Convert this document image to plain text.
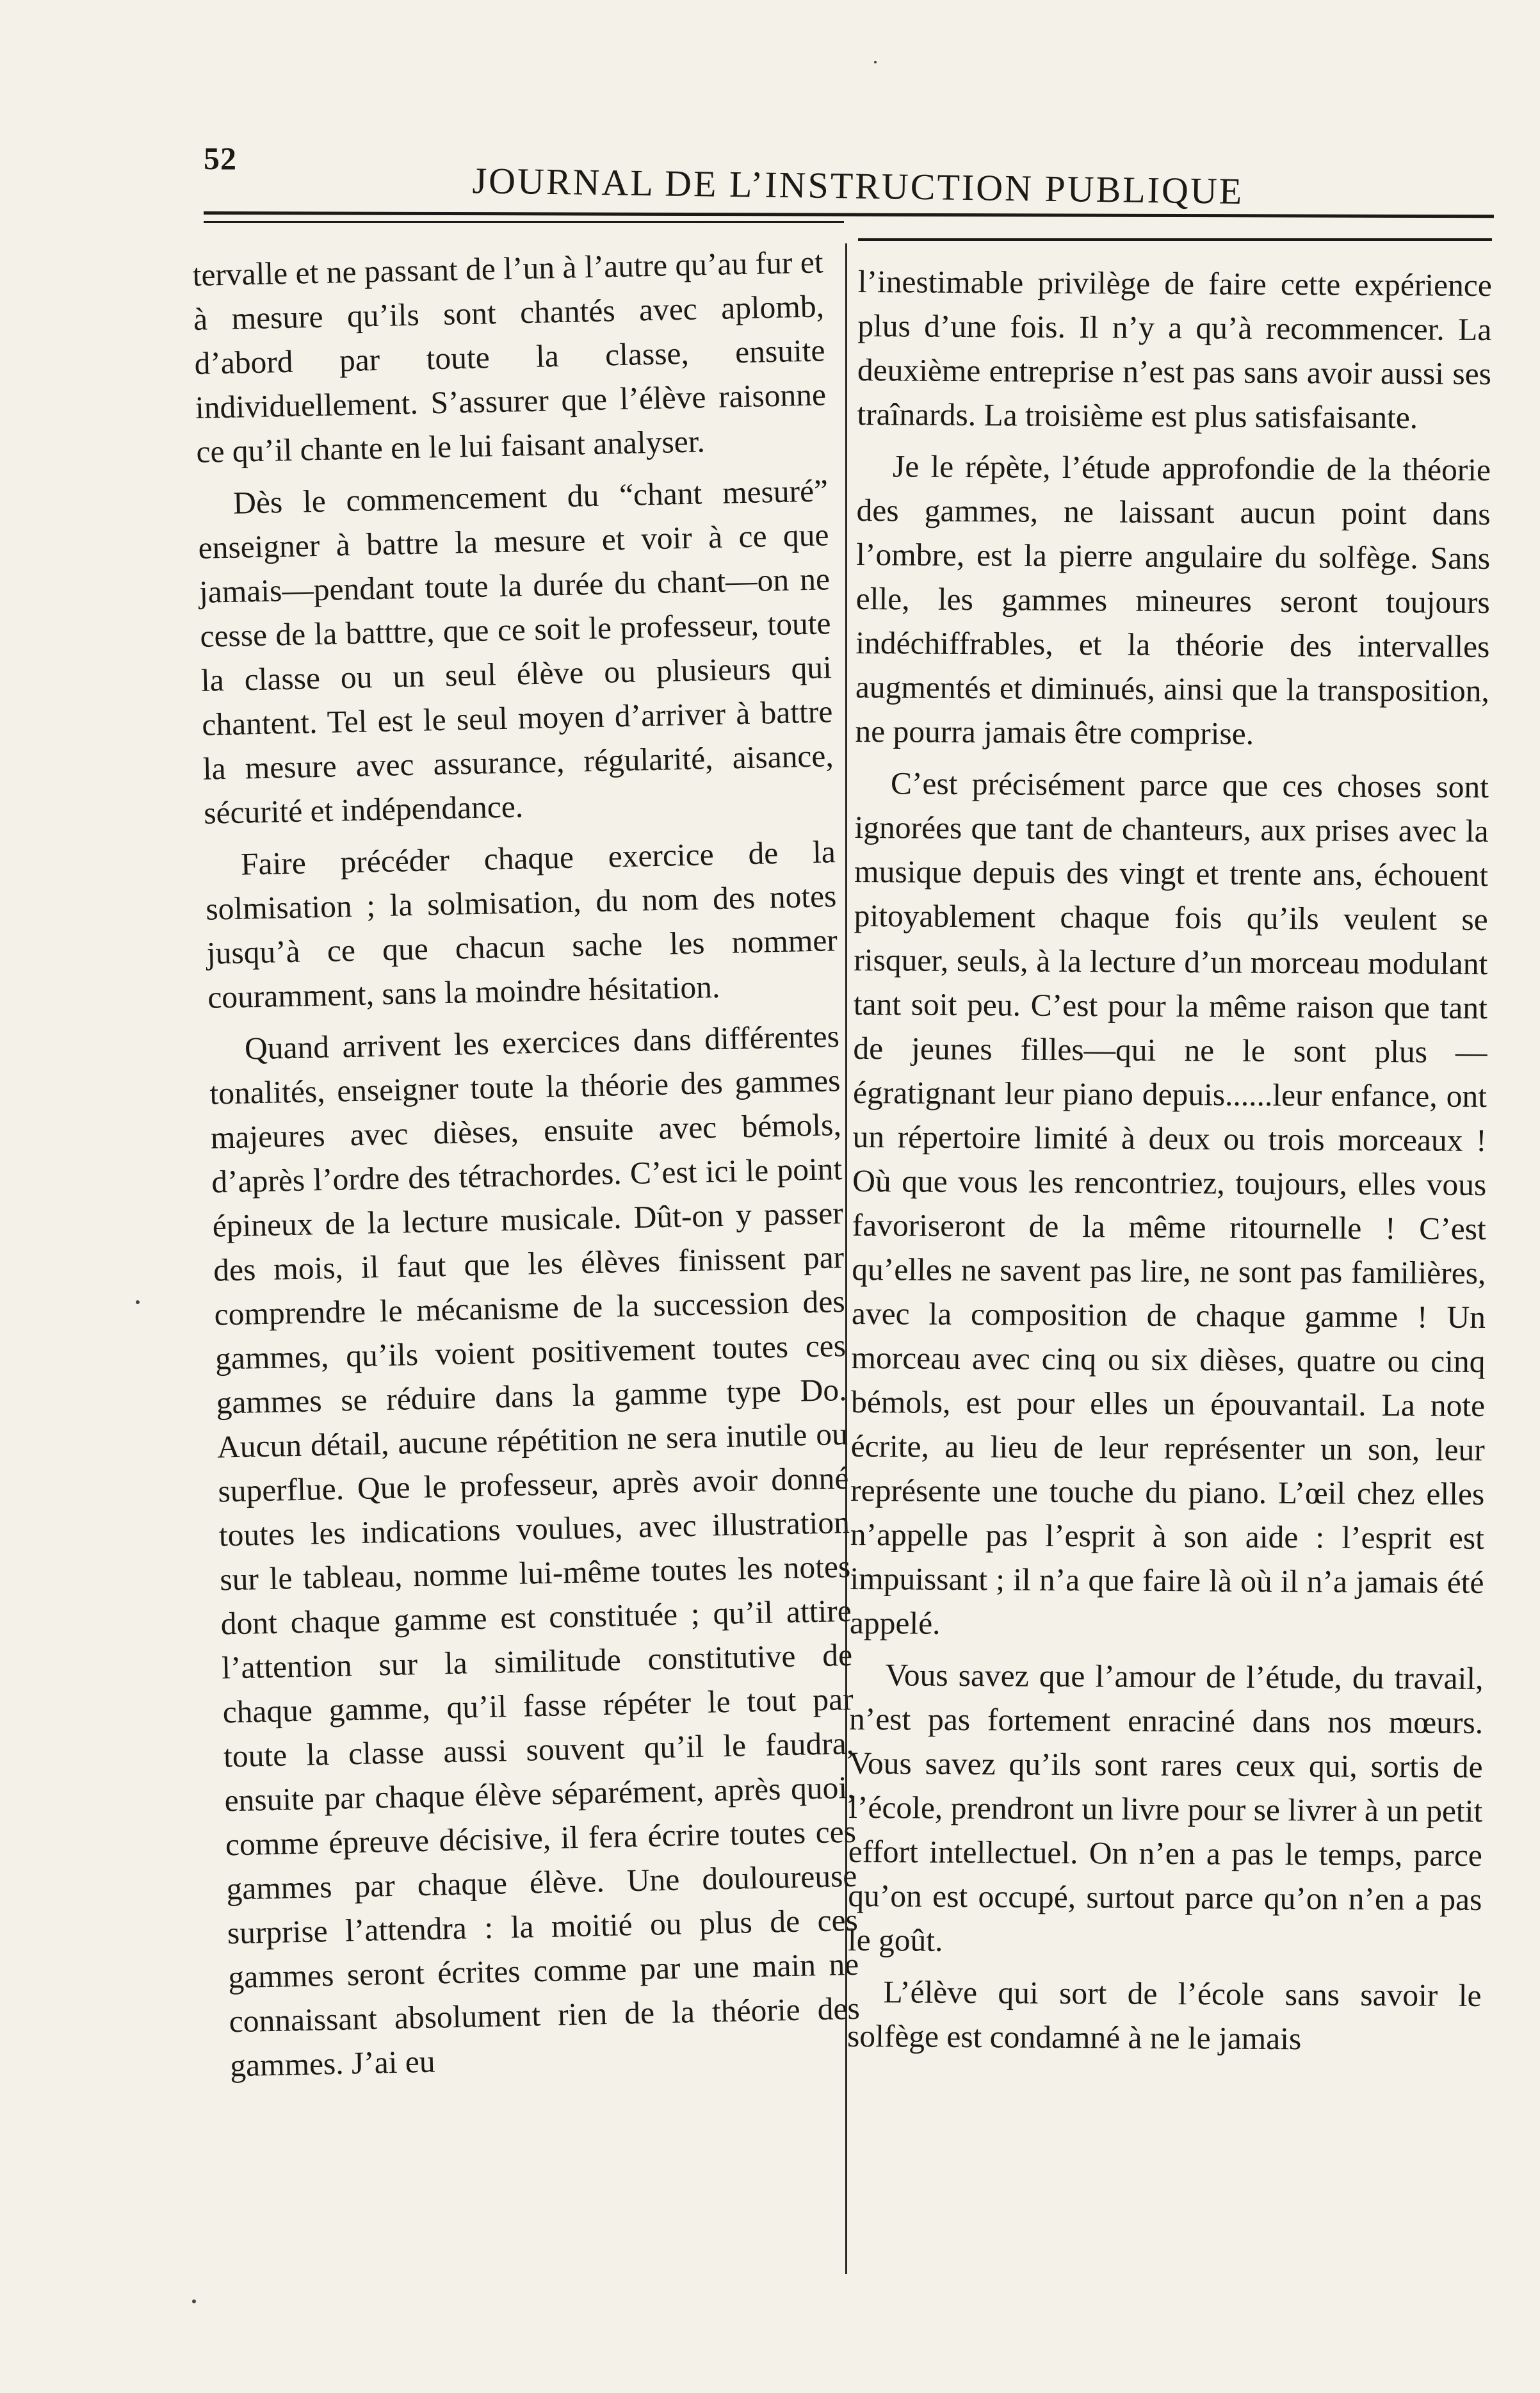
52
JOURNAL DE L’INSTRUCTION PUBLIQUE

tervalle et ne passant de l’un à l’autre qu’au fur et à mesure qu’ils sont chantés avec aplomb, d’abord par toute la classe, ensuite individuellement. S’assurer que l’élève raisonne ce qu’il chante en le lui faisant analyser.

Dès le commencement du “chant mesuré” enseigner à battre la mesure et voir à ce que jamais—pendant toute la durée du chant—on ne cesse de la batttre, que ce soit le professeur, toute la classe ou un seul élève ou plusieurs qui chantent. Tel est le seul moyen d’arriver à battre la mesure avec assurance, régularité, aisance, sécurité et indépendance.

Faire précéder chaque exercice de la solmisation ; la solmisation, du nom des notes jusqu’à ce que chacun sache les nommer couramment, sans la moindre hésitation.

Quand arrivent les exercices dans différentes tonalités, enseigner toute la théorie des gammes majeures avec dièses, ensuite avec bémols, d’après l’ordre des tétrachordes. C’est ici le point épineux de la lecture musicale. Dût-on y passer des mois, il faut que les élèves finissent par comprendre le mécanisme de la succession des gammes, qu’ils voient positivement toutes ces gammes se réduire dans la gamme type Do. Aucun détail, aucune répétition ne sera inutile ou superflue. Que le professeur, après avoir donné toutes les indications voulues, avec illustration sur le tableau, nomme lui-même toutes les notes dont chaque gamme est constituée ; qu’il attire l’attention sur la similitude constitutive de chaque gamme, qu’il fasse répéter le tout par toute la classe aussi souvent qu’il le faudra, ensuite par chaque élève séparément, après quoi, comme épreuve décisive, il fera écrire toutes ces gammes par chaque élève. Une douloureuse surprise l’attendra : la moitié ou plus de ces gammes seront écrites comme par une main ne connaissant absolument rien de la théorie des gammes. J’ai eu

l’inestimable privilège de faire cette expérience plus d’une fois. Il n’y a qu’à recommencer. La deuxième entreprise n’est pas sans avoir aussi ses traînards. La troisième est plus satisfaisante.

Je le répète, l’étude approfondie de la théorie des gammes, ne laissant aucun point dans l’ombre, est la pierre angulaire du solfège. Sans elle, les gammes mineures seront toujours indéchiffrables, et la théorie des intervalles augmentés et diminués, ainsi que la transposition, ne pourra jamais être comprise.

C’est précisément parce que ces choses sont ignorées que tant de chanteurs, aux prises avec la musique depuis des vingt et trente ans, échouent pitoyablement chaque fois qu’ils veulent se risquer, seuls, à la lecture d’un morceau modulant tant soit peu. C’est pour la même raison que tant de jeunes filles—qui ne le sont plus —égratignant leur piano depuis......leur enfance, ont un répertoire limité à deux ou trois morceaux ! Où que vous les rencontriez, toujours, elles vous favoriseront de la même ritournelle ! C’est qu’elles ne savent pas lire, ne sont pas familières, avec la composition de chaque gamme ! Un morceau avec cinq ou six dièses, quatre ou cinq bémols, est pour elles un épouvantail. La note écrite, au lieu de leur représenter un son, leur représente une touche du piano. L’œil chez elles n’appelle pas l’esprit à son aide : l’esprit est impuissant ; il n’a que faire là où il n’a jamais été appelé.

Vous savez que l’amour de l’étude, du travail, n’est pas fortement enraciné dans nos mœurs. Vous savez qu’ils sont rares ceux qui, sortis de l’école, prendront un livre pour se livrer à un petit effort intellectuel. On n’en a pas le temps, parce qu’on est occupé, surtout parce qu’on n’en a pas le goût.

L’élève qui sort de l’école sans savoir le solfège est condamné à ne le jamais
